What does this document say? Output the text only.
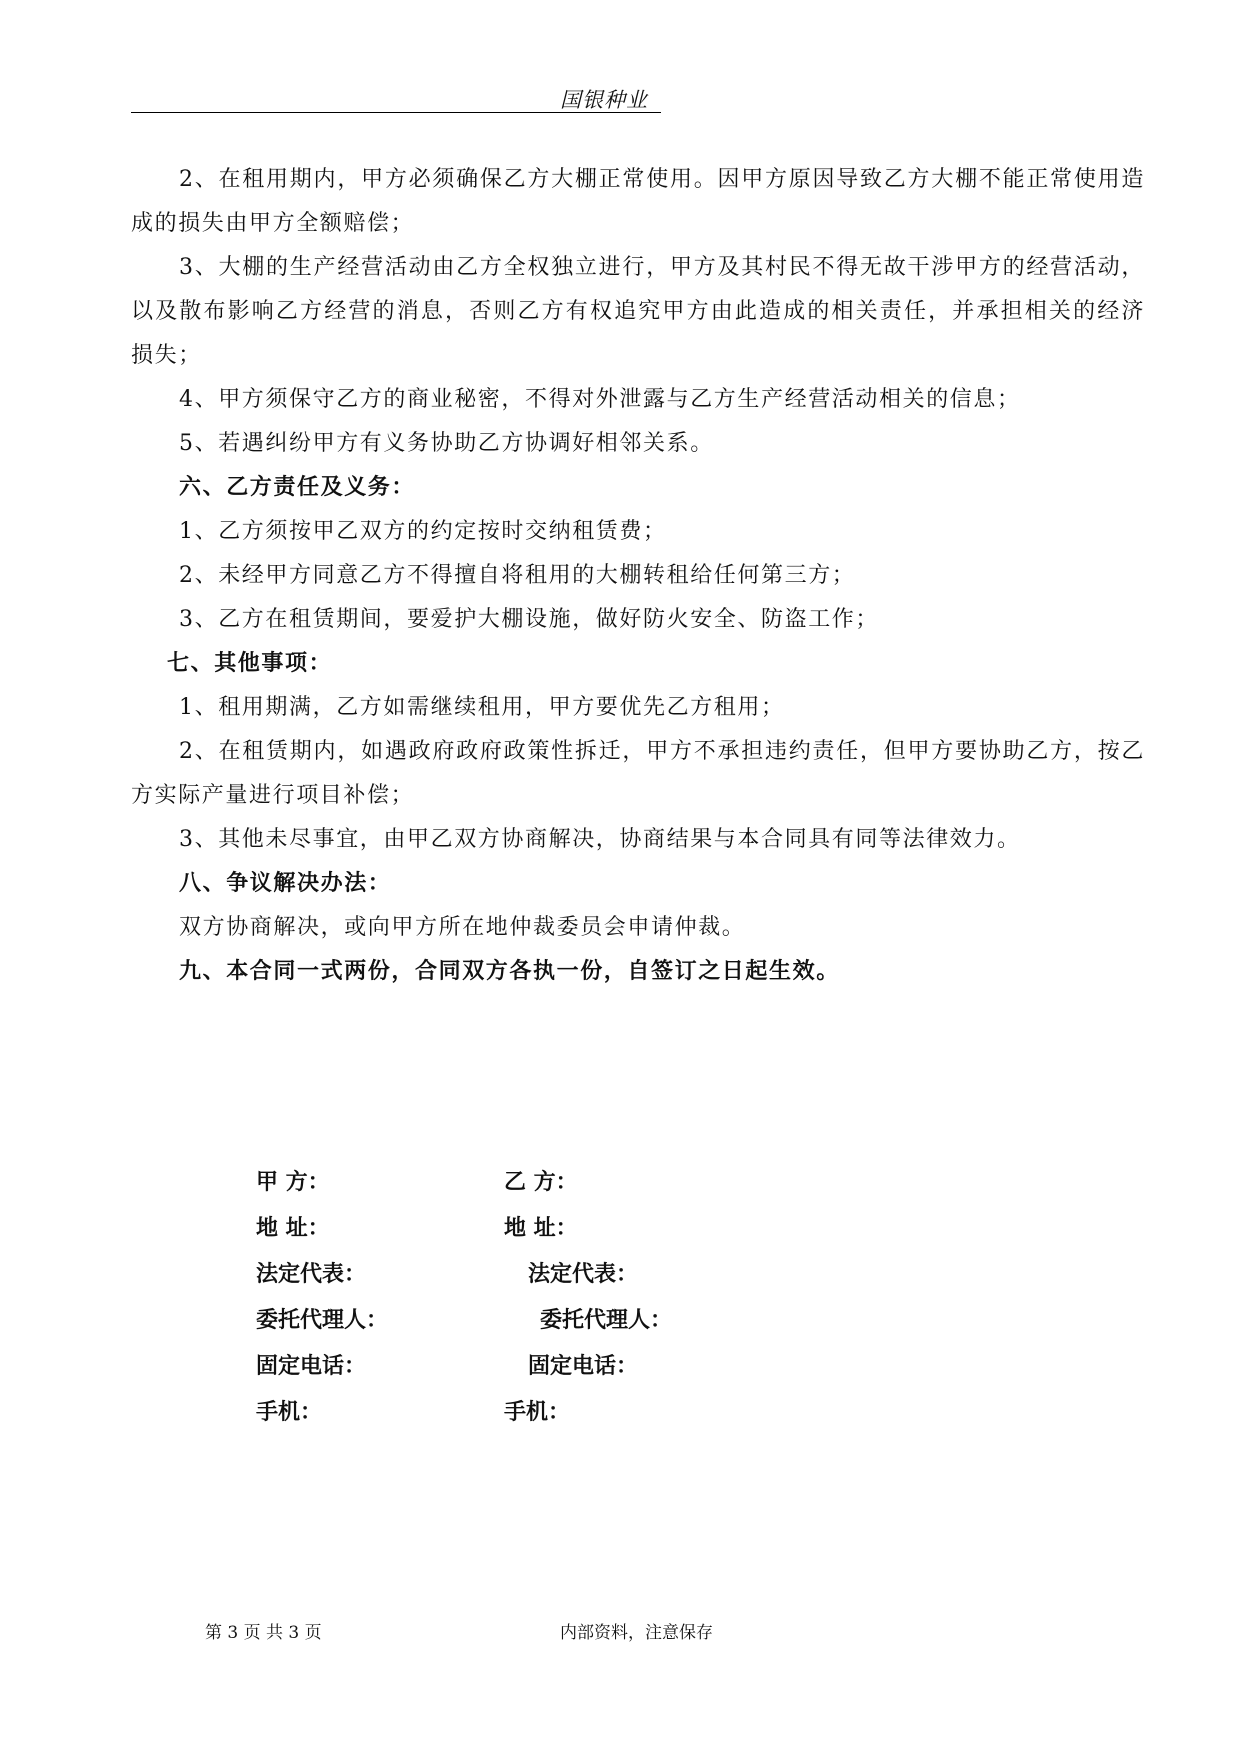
国银种业

2、在租用期内，甲方必须确保乙方大棚正常使用。因甲方原因导致乙方大棚不能正常使用造成的损失由甲方全额赔偿；

3、大棚的生产经营活动由乙方全权独立进行，甲方及其村民不得无故干涉甲方的经营活动，以及散布影响乙方经营的消息，否则乙方有权追究甲方由此造成的相关责任，并承担相关的经济损失；

4、甲方须保守乙方的商业秘密，不得对外泄露与乙方生产经营活动相关的信息；

5、若遇纠纷甲方有义务协助乙方协调好相邻关系。

六、乙方责任及义务：

1、乙方须按甲乙双方的约定按时交纳租赁费；

2、未经甲方同意乙方不得擅自将租用的大棚转租给任何第三方；

3、乙方在租赁期间，要爱护大棚设施，做好防火安全、防盗工作；

七、其他事项：

1、租用期满，乙方如需继续租用，甲方要优先乙方租用；

2、在租赁期内，如遇政府政府政策性拆迁，甲方不承担违约责任，但甲方要协助乙方，按乙方实际产量进行项目补偿；

3、其他未尽事宜，由甲乙双方协商解决，协商结果与本合同具有同等法律效力。

八、争议解决办法：

双方协商解决，或向甲方所在地仲裁委员会申请仲裁。

九、本合同一式两份，合同双方各执一份，自签订之日起生效。

甲 方：	乙 方：
地 址：	地 址：
法定代表：	法定代表：
委托代理人：	委托代理人：
固定电话：	固定电话：
手机：	手机：
第 3 页 共 3 页	内部资料，注意保存
